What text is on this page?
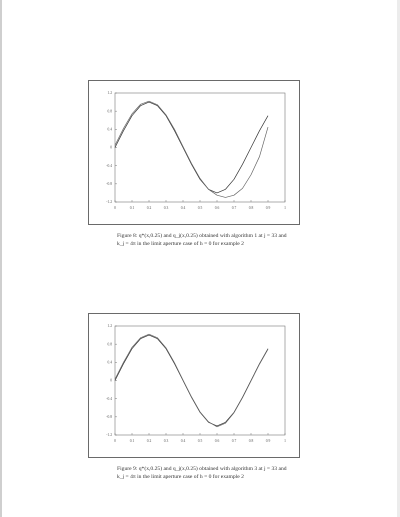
0	0.1	0.2	0.3	0.4	0.5	0.6	0.7	0.8	0.9	1
-1.2
-0.8
-0.4
0
0.4
0.8
1.2
Figure 8: q*(x,0.25) and q_j(x,0.25) obtained with algorithm 1 at j = 33 and
k_j = 4π in the limit aperture case of h = 0 for example 2
0	0.1	0.2	0.3	0.4	0.5	0.6	0.7	0.8	0.9	1
-1.2
-0.8
-0.4
0
0.4
0.8
1.2
Figure 9: q*(x,0.25) and q_j(x,0.25) obtained with algorithm 3 at j = 33 and
k_j = 4π in the limit aperture case of h = 0 for example 2
